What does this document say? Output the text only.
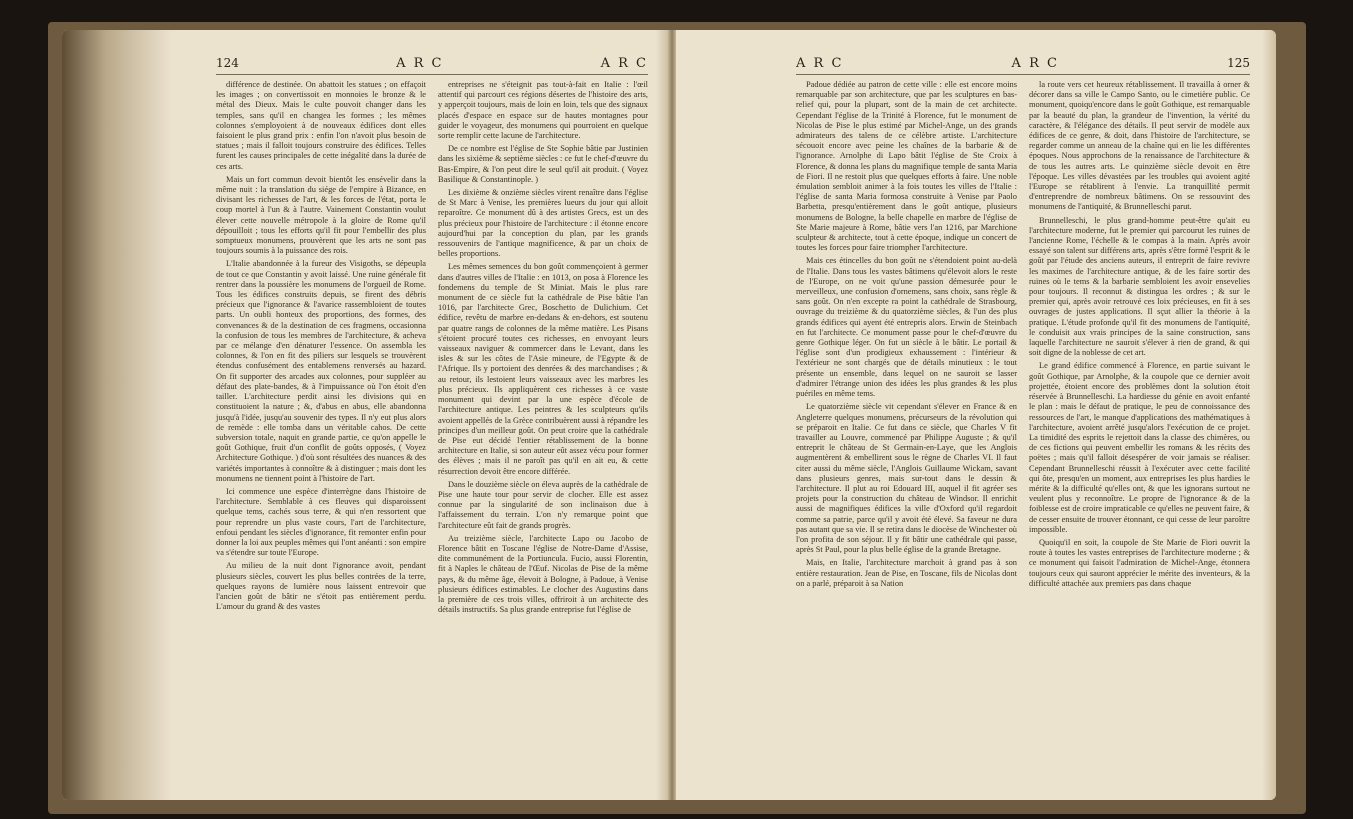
124	A R C	A R C

différence de destinée. On abattoit les statues ; on effaçoit les images ; on convertissoit en monnoies le bronze & le métal des Dieux. Mais le culte pouvoit changer dans les temples, sans qu'il en changea les formes ; les mêmes colonnes s'employoient à de nouveaux édifices dont elles faisoient le plus grand prix : enfin l'on n'avoit plus besoin de statues ; mais il falloit toujours construire des édifices. Telles furent les causes principales de cette inégalité dans la durée de ces arts.

Mais un fort commun devoit bientôt les ensévelir dans la même nuit : la translation du siége de l'empire à Bizance, en divisant les richesses de l'art, & les forces de l'état, porta le coup mortel à l'un & à l'autre. Vainement Constantin voulut élever cette nouvelle métropole à la gloire de Rome qu'il dépouilloit ; tous les efforts qu'il fit pour l'embellir des plus somptueux monumens, prouvèrent que les arts ne sont pas toujours soumis à la puissance des rois.

L'Italie abandonnée à la fureur des Visigoths, se dépeupla de tout ce que Constantin y avoit laissé. Une ruine générale fit rentrer dans la poussière les monumens de l'orgueil de Rome. Tous les édifices construits depuis, se firent des débris précieux que l'ignorance & l'avarice rassembloient de toutes parts. Un oubli honteux des proportions, des formes, des convenances & de la destination de ces fragmens, occasionna la confusion de tous les membres de l'architecture, & acheva par ce mélange d'en dénaturer l'essence. On assembla les colonnes, & l'on en fit des piliers sur lesquels se trouvèrent étendus confusément des entablemens renversés au hazard. On fit supporter des arcades aux colonnes, pour suppléer au défaut des plate-bandes, & à l'impuissance où l'on étoit d'en tailler. L'architecture perdit ainsi les divisions qui en constituoient la nature ; &, d'abus en abus, elle abandonna jusqu'à l'idée, jusqu'au souvenir des types. Il n'y eut plus alors de remède : elle tomba dans un véritable cahos. De cette subversion totale, naquit en grande partie, ce qu'on appelle le goût Gothique, fruit d'un conflit de goûts opposés, ( Voyez Architecture Gothique. ) d'où sont résultées des nuances & des variétés importantes à connoître & à distinguer ; mais dont les monumens ne tiennent point à l'histoire de l'art.

Ici commence une espèce d'interrègne dans l'histoire de l'architecture. Semblable à ces fleuves qui disparoissent quelque tems, cachés sous terre, & qui n'en ressortent que pour reprendre un plus vaste cours, l'art de l'architecture, enfoui pendant les siècles d'ignorance, fit remonter enfin pour donner la loi aux peuples mêmes qui l'ont anéanti : son empire va s'étendre sur toute l'Europe.

Au milieu de la nuit dont l'ignorance avoit, pendant plusieurs siècles, couvert les plus belles contrées de la terre, quelques rayons de lumière nous laissent entrevoir que l'ancien goût de bâtir ne s'étoit pas entièrement perdu. L'amour du grand & des vastes

entreprises ne s'éteignit pas tout-à-fait en Italie : l'œil attentif qui parcourt ces régions désertes de l'histoire des arts, y apperçoit toujours, mais de loin en loin, tels que des signaux placés d'espace en espace sur de hautes montagnes pour guider le voyageur, des monumens qui pourroient en quelque sorte remplir cette lacune de l'architecture.

De ce nombre est l'église de Ste Sophie bâtie par Justinien dans les sixième & septième siècles : ce fut le chef-d'œuvre du Bas-Empire, & l'on peut dire le seul qu'il ait produit. ( Voyez Basilique & Constantinople. )

Les dixième & onzième siècles virent renaître dans l'église de St Marc à Venise, les premières lueurs du jour qui alloit reparoître. Ce monument dû à des artistes Grecs, est un des plus précieux pour l'histoire de l'architecture : il étonne encore aujourd'hui par la conception du plan, par les grands ressouvenirs de l'antique magnificence, & par un choix de belles proportions.

Les mêmes semences du bon goût commençoient à germer dans d'autres villes de l'Italie : en 1013, on posa à Florence les fondemens du temple de St Miniat. Mais le plus rare monument de ce siècle fut la cathédrale de Pise bâtie l'an 1016, par l'architecte Grec, Boschetto de Dulichium. Cet édifice, revêtu de marbre en-dedans & en-dehors, est soutenu par quatre rangs de colonnes de la même matière. Les Pisans s'étoient procuré toutes ces richesses, en envoyant leurs vaisseaux naviguer & commercer dans le Levant, dans les isles & sur les côtes de l'Asie mineure, de l'Egypte & de l'Afrique. Ils y portoient des denrées & des marchandises ; & au retour, ils lestoient leurs vaisseaux avec les marbres les plus précieux. Ils appliquèrent ces richesses à ce vaste monument qui devint par la une espèce d'école de l'architecture antique. Les peintres & les sculpteurs qu'ils avoient appellés de la Grèce contribuèrent aussi à répandre les principes d'un meilleur goût. On peut croire que la cathédrale de Pise eut décidé l'entier rétablissement de la bonne architecture en Italie, si son auteur eût assez vécu pour former des élèves ; mais il ne paroît pas qu'il en ait eu, & cette résurrection devoit être encore différée.

Dans le douzième siècle on éleva auprès de la cathédrale de Pise une haute tour pour servir de clocher. Elle est assez connue par la singularité de son inclinaison due à l'affaissement du terrain. L'on n'y remarque point que l'architecture eût fait de grands progrès.

Au treizième siècle, l'architecte Lapo ou Jacobo de Florence bâtit en Toscane l'église de Notre-Dame d'Assise, dite communément de la Portiuncula. Fucio, aussi Florentin, fit à Naples le château de l'Œuf. Nicolas de Pise de la même pays, & du même âge, élevoit à Bologne, à Padoue, à Venise plusieurs édifices estimables. Le clocher des Augustins dans la première de ces trois villes, offriroit à un architecte des détails instructifs. Sa plus grande entreprise fut l'église de

A R C	A R C	125

Padoue dédiée au patron de cette ville : elle est encore moins remarquable par son architecture, que par les sculptures en bas-relief qui, pour la plupart, sont de la main de cet architecte. Cependant l'église de la Trinité à Florence, fut le monument de Nicolas de Pise le plus estimé par Michel-Ange, un des grands admirateurs des talens de ce célèbre artiste. L'architecture sécouoit encore avec peine les chaînes de la barbarie & de l'ignorance. Arnolphe di Lapo bâtit l'église de Ste Croix à Florence, & donna les plans du magnifique temple de santa Maria de Fiori. Il ne restoit plus que quelques efforts à faire. Une noble émulation sembloit animer à la fois toutes les villes de l'Italie : l'église de santa Maria formosa construite à Venise par Paolo Barbetta, presqu'entièrement dans le goût antique, plusieurs monumens de Bologne, la belle chapelle en marbre de l'église de Ste Marie majeure à Rome, bâtie vers l'an 1216, par Marchione sculpteur & architecte, tout à cette époque, indique un concert de toutes les forces pour faire triompher l'architecture.

Mais ces étincelles du bon goût ne s'étendoient point au-delà de l'Italie. Dans tous les vastes bâtimens qu'élevoit alors le reste de l'Europe, on ne voit qu'une passion démesurée pour le merveilleux, une confusion d'ornemens, sans choix, sans règle & sans goût. On n'en excepte ra point la cathédrale de Strasbourg, ouvrage du treizième & du quatorzième siècles, & l'un des plus grands édifices qui ayent été entrepris alors. Erwin de Steinbach en fut l'architecte. Ce monument passe pour le chef-d'œuvre du genre Gothique léger. On fut un siècle à le bâtir. Le portail & l'église sont d'un prodigieux exhaussement : l'intérieur & l'extérieur ne sont chargés que de détails minutieux : le tout présente un ensemble, dans lequel on ne sauroit se lasser d'admirer l'étrange union des idées les plus grandes & les plus puériles en même tems.

Le quatorzième siècle vit cependant s'élever en France & en Angleterre quelques monumens, précurseurs de la révolution qui se préparoit en Italie. Ce fut dans ce siècle, que Charles V fit travailler au Louvre, commencé par Philippe Auguste ; & qu'il entreprit le château de St Germain-en-Laye, que les Anglois augmentèrent & embellirent sous le règne de Charles VI. Il faut citer aussi du même siècle, l'Anglois Guillaume Wickam, savant dans plusieurs genres, mais sur-tout dans le dessin & l'architecture. Il plut au roi Edouard III, auquel il fit agréer ses projets pour la construction du château de Windsor. Il enrichit aussi de magnifiques édifices la ville d'Oxford qu'il regardoit comme sa patrie, parce qu'il y avoit été élevé. Sa faveur ne dura pas autant que sa vie. Il se retira dans le diocèse de Winchester où l'on profita de son séjour. Il y fit bâtir une cathédrale qui passe, après St Paul, pour la plus belle église de la grande Bretagne.

Mais, en Italie, l'architecture marchoit à grand pas à son entière restauration. Jean de Pise, en Toscane, fils de Nicolas dont on a parlé, préparoit à sa Nation

la route vers cet heureux rétablissement. Il travailla à orner & décorer dans sa ville le Campo Santo, ou le cimetière public. Ce monument, quoiqu'encore dans le goût Gothique, est remarquable par la beauté du plan, la grandeur de l'invention, la vérité du caractère, & l'élégance des détails. Il peut servir de modèle aux édifices de ce genre, & doit, dans l'histoire de l'architecture, se regarder comme un anneau de la chaîne qui en lie les différentes époques. Nous approchons de la renaissance de l'architecture & de tous les autres arts. Le quinzième siècle devoit en être l'époque. Les villes dévastées par les troubles qui avoient agité l'Europe se rétablirent à l'envie. La tranquillité permit d'entreprendre de nombreux bâtimens. On se ressouvint des monumens de l'antiquité, & Brunnelleschi parut.

Brunnelleschi, le plus grand-homme peut-être qu'ait eu l'architecture moderne, fut le premier qui parcourut les ruines de l'ancienne Rome, l'échelle & le compas à la main. Après avoir essayé son talent sur différens arts, après s'être formé l'esprit & le goût par l'étude des anciens auteurs, il entreprit de faire revivre les maximes de l'architecture antique, & de les faire sortir des ruines où le tems & la barbarie sembloient les avoir ensevelies pour toujours. Il reconnut & distingua les ordres ; & sur le premier qui, après avoir retrouvé ces loix précieuses, en fit à ses ouvrages de justes applications. Il sçut allier la théorie à la pratique. L'étude profonde qu'il fit des monumens de l'antiquité, le conduisit aux vrais principes de la saine construction, sans laquelle l'architecture ne sauroit s'élever à rien de grand, & qui soit digne de la noblesse de cet art.

Le grand édifice commencé à Florence, en partie suivant le goût Gothique, par Arnolphe, & la coupole que ce dernier avoit projettée, étoient encore des problèmes dont la solution étoit réservée à Brunnelleschi. La hardiesse du génie en avoit enfanté le plan : mais le défaut de pratique, le peu de connoissance des ressources de l'art, le manque d'applications des mathématiques à l'architecture, avoient arrêté jusqu'alors l'exécution de ce projet. La timidité des esprits le rejettoit dans la classe des chimères, ou de ces fictions qui peuvent embellir les romans & les récits des poëtes ; mais qu'il falloit désespérer de voir jamais se réaliser. Cependant Brunnelleschi réussit à l'exécuter avec cette facilité qui ôte, presqu'en un moment, aux entreprises les plus hardies le mérite & la difficulté qu'elles ont, & que les ignorans surtout ne veulent plus y reconnoître. Le propre de l'ignorance & de la foiblesse est de croire impraticable ce qu'elles ne peuvent faire, & de cesser ensuite de trouver étonnant, ce qui cesse de leur paroître impossible.

Quoiqu'il en soit, la coupole de Ste Marie de Fiori ouvrit la route à toutes les vastes entreprises de l'architecture moderne ; & ce monument qui faisoit l'admiration de Michel-Ange, étonnera toujours ceux qui sauront apprécier le mérite des inventeurs, & la difficulté attachée aux premiers pas dans chaque
